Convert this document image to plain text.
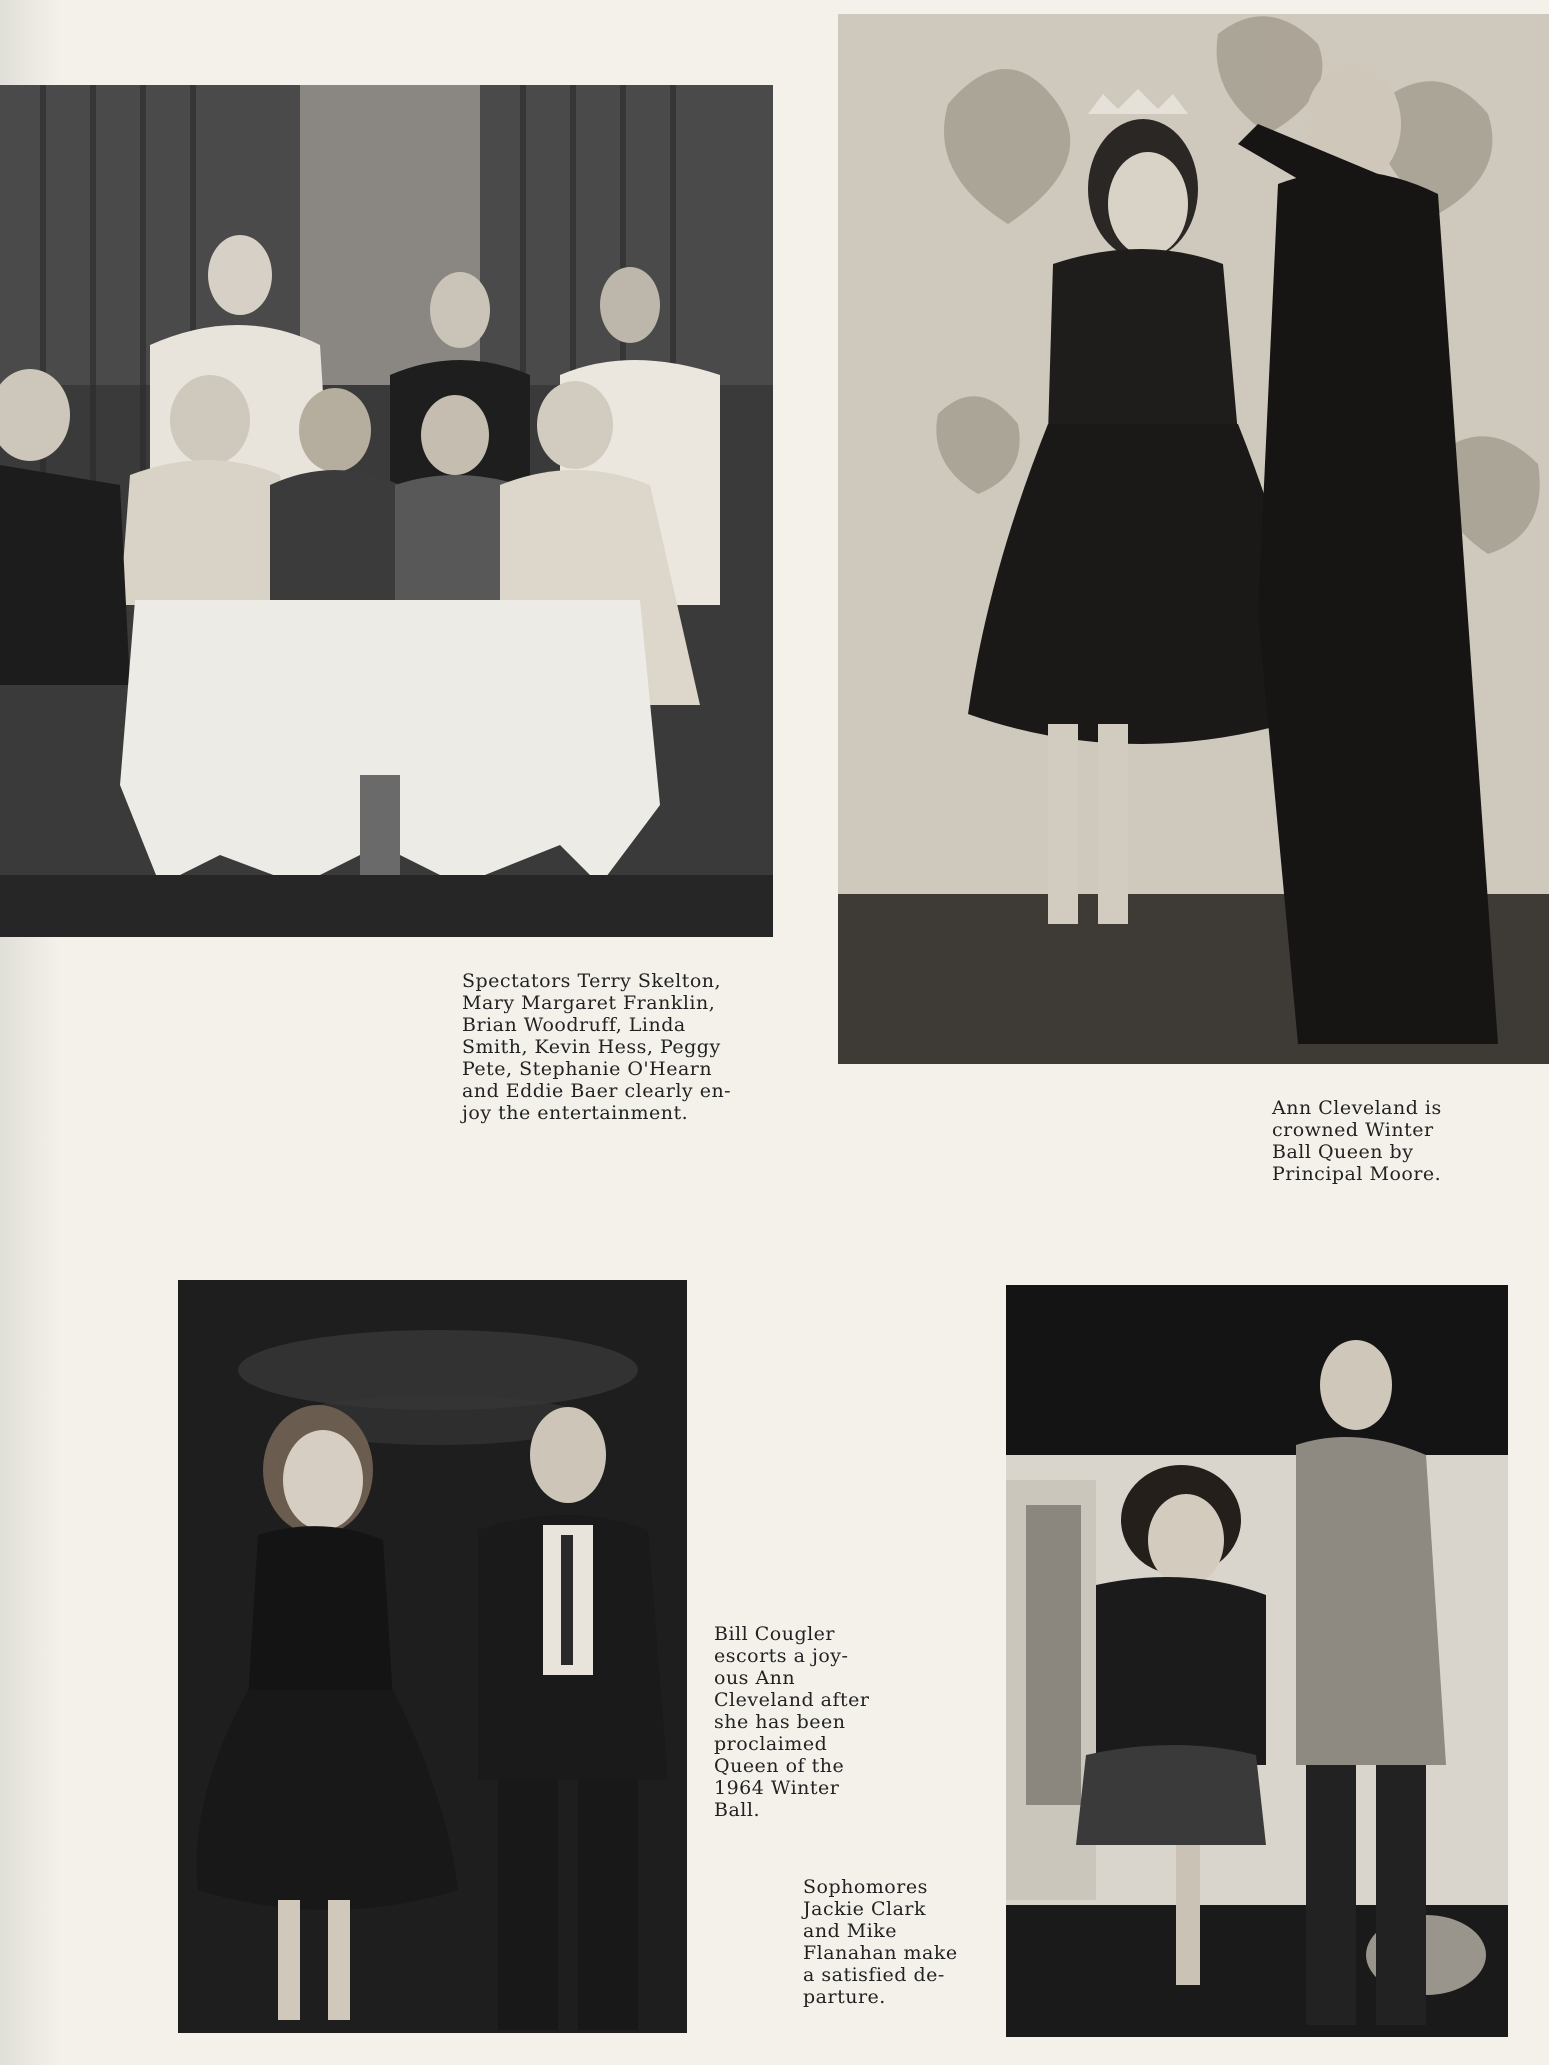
Spectators Terry Skelton,
Mary Margaret Franklin,
Brian Woodruff, Linda
Smith, Kevin Hess, Peggy
Pete, Stephanie O'Hearn
and Eddie Baer clearly en-
joy the entertainment.	Ann Cleveland is
crowned Winter
Ball Queen by
Principal Moore.
Bill Cougler
escorts a joy-
ous Ann
Cleveland after
she has been
proclaimed
Queen of the
1964 Winter
Ball.
Sophomores
Jackie Clark
and Mike
Flanahan make
a satisfied de-
parture.
